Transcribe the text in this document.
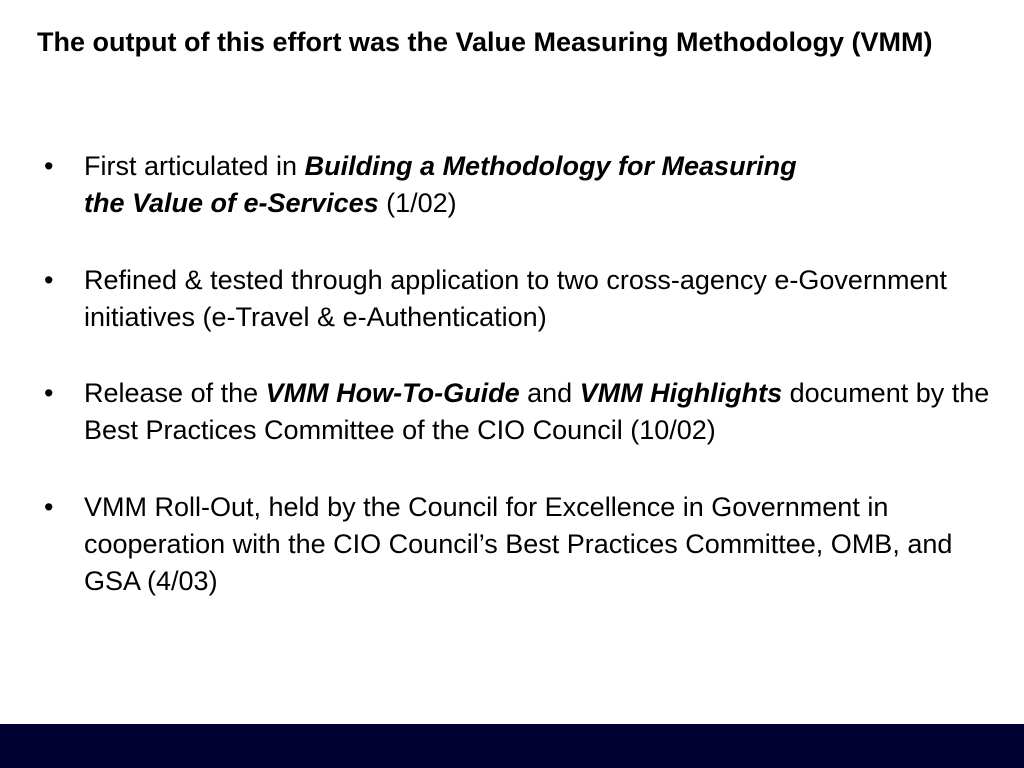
The output of this effort was the Value Measuring Methodology (VMM)
• First articulated in Building a Methodology for Measuring the Value of e-Services (1/02)
• Refined & tested through application to two cross-agency e-Government initiatives (e-Travel & e-Authentication)
• Release of the VMM How-To-Guide and VMM Highlights document by the Best Practices Committee of the CIO Council (10/02)
• VMM Roll-Out, held by the Council for Excellence in Government in cooperation with the CIO Council’s Best Practices Committee, OMB, and GSA (4/03)
